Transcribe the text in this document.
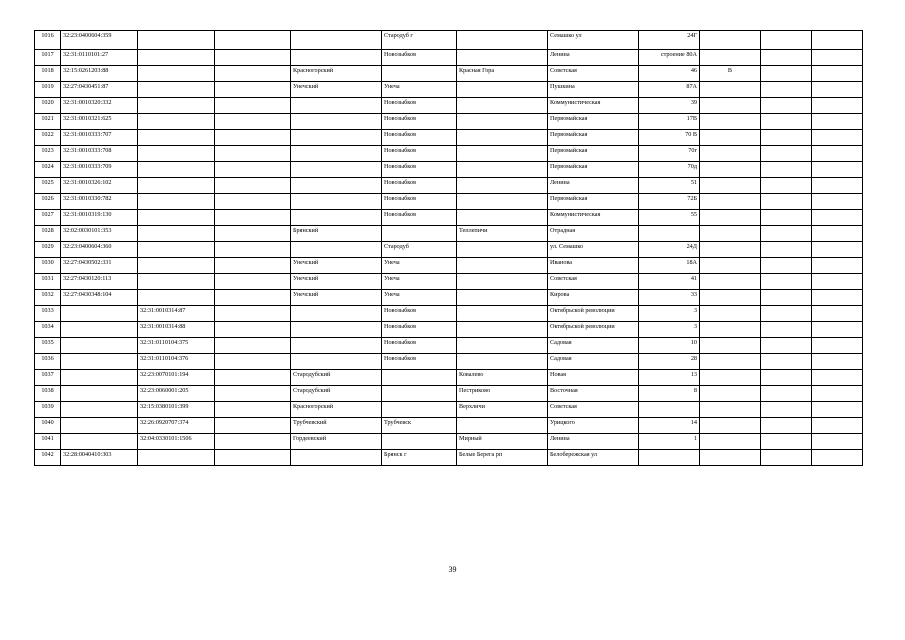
1016	32:23:0400604:359				Стародуб г		Семашко ул	24Г			
1017	32:31:0110101:27				Новозыбков		Ленина	строение 80А			
1018	32:15:0261203:88			Красногорский		Красная Гора	Советская	46	В		
1019	32:27:0430451:87			Унечский	Унеча		Пушкина	87А			
1020	32:31:0010320:332				Новозыбков		Коммунистическая	39			
1021	32:31:0010321:625				Новозыбков		Первомайская	17В			
1022	32:31:0010333:707				Новозыбков		Первомайская	70 В			
1023	32:31:0010333:708				Новозыбков		Первомайская	70г			
1024	32:31:0010333:709				Новозыбков		Первомайская	70д			
1025	32:31:0010326:102				Новозыбков		Ленина	51			
1026	32:31:0010330:782				Новозыбков		Первомайская	72Б			
1027	32:31:0010319:130				Новозыбков		Коммунистическая	55			
1028	32:02:0030101:353			Брянский		Теплепичи	Отрадная				
1029	32:23:0400604:360				Стародуб		ул. Семашко	24Д			
1030	32:27:0430502:331			Унечский	Унеча		Иванова	18А			
1031	32:27:0430120:113			Унечский	Унеча		Советская	41			
1032	32:27:0430348:104			Унечский	Унеча		Кирова	33			
1033		32:31:0010314:87			Новозыбков		Октябрьской революции	3			
1034		32:31:0010314:88			Новозыбков		Октябрьской революции	3			
1035		32:31:0110104:375			Новозыбков		Садовая	10			
1036		32:31:0110104:376			Новозыбков		Садовая	28			
1037		32:23:0070101:194		Стародубский		Ковалево	Новая	13			
1038		32:23:0060001:205		Стародубский		Пестриковo	Восточная	8			
1039		32:15:0380101:399		Красногорский		Верхличи	Советская				
1040		32:26:0920707:374		Трубчевский	Трубчевск		Урицкого	14			
1041		32:04:0330101:1506		Гордеевский		Мирный	Ленина	1			
1042	32:28:0040410:303				Брянск г	Белые Берега рп	Белобережская ул				
39
